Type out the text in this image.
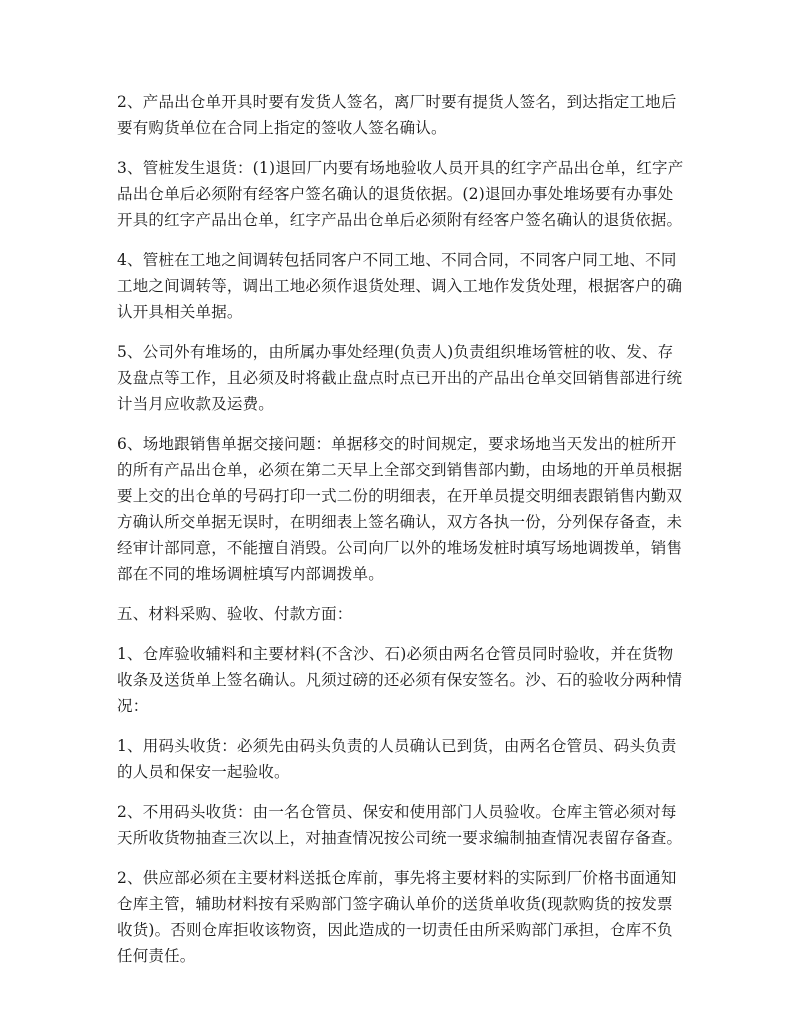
2、产品出仓单开具时要有发货人签名，离厂时要有提货人签名，到达指定工地后
要有购货单位在合同上指定的签收人签名确认。

3、管桩发生退货：(1)退回厂内要有场地验收人员开具的红字产品出仓单，红字产
品出仓单后必须附有经客户签名确认的退货依据。(2)退回办事处堆场要有办事处
开具的红字产品出仓单，红字产品出仓单后必须附有经客户签名确认的退货依据。

4、管桩在工地之间调转包括同客户不同工地、不同合同，不同客户同工地、不同
工地之间调转等，调出工地必须作退货处理、调入工地作发货处理，根据客户的确
认开具相关单据。

5、公司外有堆场的，由所属办事处经理(负责人)负责组织堆场管桩的收、发、存
及盘点等工作，且必须及时将截止盘点时点已开出的产品出仓单交回销售部进行统
计当月应收款及运费。

6、场地跟销售单据交接问题：单据移交的时间规定，要求场地当天发出的桩所开
的所有产品出仓单，必须在第二天早上全部交到销售部内勤，由场地的开单员根据
要上交的出仓单的号码打印一式二份的明细表，在开单员提交明细表跟销售内勤双
方确认所交单据无误时，在明细表上签名确认，双方各执一份，分列保存备查，未
经审计部同意，不能擅自消毁。公司向厂以外的堆场发桩时填写场地调拨单，销售
部在不同的堆场调桩填写内部调拨单。

五、材料采购、验收、付款方面：

1、仓库验收辅料和主要材料(不含沙、石)必须由两名仓管员同时验收，并在货物
收条及送货单上签名确认。凡须过磅的还必须有保安签名。沙、石的验收分两种情
况：

1、用码头收货：必须先由码头负责的人员确认已到货，由两名仓管员、码头负责
的人员和保安一起验收。

2、不用码头收货：由一名仓管员、保安和使用部门人员验收。仓库主管必须对每
天所收货物抽查三次以上，对抽查情况按公司统一要求编制抽查情况表留存备查。

2、供应部必须在主要材料送抵仓库前，事先将主要材料的实际到厂价格书面通知
仓库主管，辅助材料按有采购部门签字确认单价的送货单收货(现款购货的按发票
收货)。否则仓库拒收该物资，因此造成的一切责任由所采购部门承担，仓库不负
任何责任。
